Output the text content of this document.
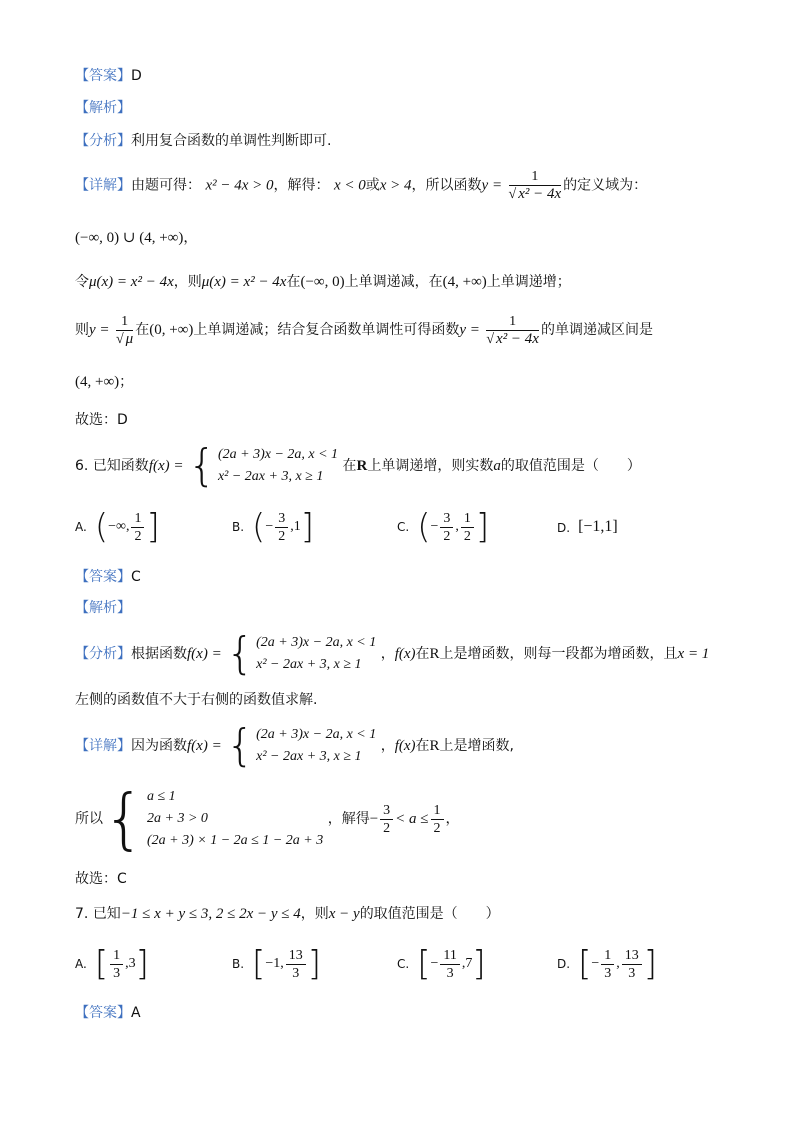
【答案】D
【解析】
【分析】利用复合函数的单调性判断即可.
【详解】由题可得： x² − 4x > 0，解得： x < 0或x > 4，所以函数$y = \frac{1}{\text{√ x² − 4x}}$ 的定义域为：
(−∞, 0) ∪ (4, +∞)，
令μ(x) = x² − 4x，则μ(x) = x² − 4x在(−∞, 0)上单调递减，在(4, +∞)上单调递增；
则$y = \frac{1}{√ \mu}$ 在(0, +∞)上单调递减；结合复合函数单调性可得函数$y = \frac{1}{\text{√ x² − 4x}}$ 的单调递减区间是
(4, +∞)；
故选：D
6. 已知函数f(x) = { (2a + 3)x − 2a, x < 1
x² − 2ax + 3, x ≥ 1
在R上单调递增，则实数a的取值范围是（　　）
A. (−∞, $\frac{1}{2}$ ]	B. (− $\frac{3}{2} ,1$]	C. (− $\frac{3}{2}$ , $\frac{1}{2}$ ]	D. [−1,1]
【答案】C
【解析】
【分析】根据函数f(x) = { (2a + 3)x − 2a, x < 1
x² − 2ax + 3, x ≥ 1
，f(x)在R上是增函数，则每一段都为增函数，且x = 1
左侧的函数值不大于右侧的函数值求解.
【详解】因为函数f(x) = { (2a + 3)x − 2a, x < 1
x² − 2ax + 3, x ≥ 1
，f(x)在R上是增函数,
所以 { a ≤ 1
2a + 3 > 0
(2a + 3) × 1 − 2a ≤ 1 − 2a + 3
，解得− $\frac{3}{2} < a \le \frac{1}{2}$ ，
故选：C
7. 已知−1 ≤ x + y ≤ 3, 2 ≤ 2x − y ≤ 4，则x − y的取值范围是（　　）
A. [ $\frac{1}{3} ,3$]	B. [−1, $\frac{13}{3}$ ]	C. [− $\frac{11}{3} ,7$]	D. [− $\frac{1}{3}$ , $\frac{13}{3}$ ]
【答案】A
